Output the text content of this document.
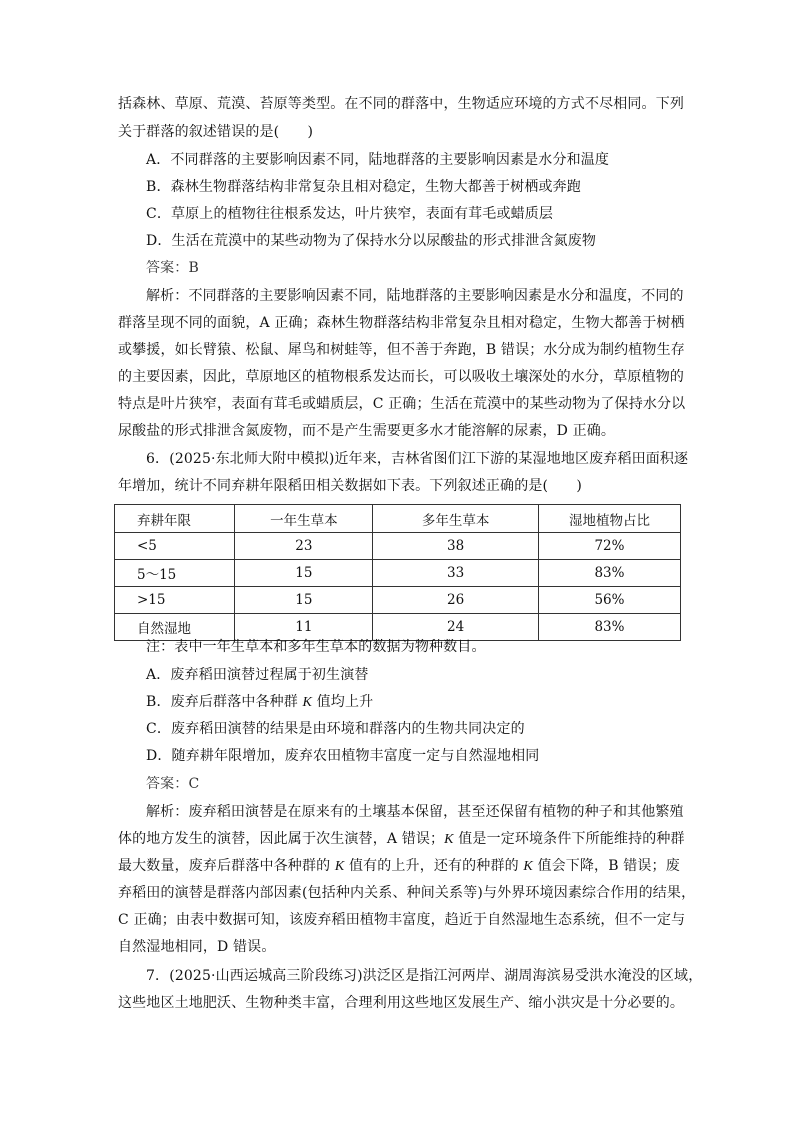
括森林、草原、荒漠、苔原等类型。在不同的群落中，生物适应环境的方式不尽相同。下列
关于群落的叙述错误的是(　　)
A．不同群落的主要影响因素不同，陆地群落的主要影响因素是水分和温度
B．森林生物群落结构非常复杂且相对稳定，生物大都善于树栖或奔跑
C．草原上的植物往往根系发达，叶片狭窄，表面有茸毛或蜡质层
D．生活在荒漠中的某些动物为了保持水分以尿酸盐的形式排泄含氮废物
答案：B
解析：不同群落的主要影响因素不同，陆地群落的主要影响因素是水分和温度，不同的
群落呈现不同的面貌，A 正确；森林生物群落结构非常复杂且相对稳定，生物大都善于树栖
或攀援，如长臂猿、松鼠、犀鸟和树蛙等，但不善于奔跑，B 错误；水分成为制约植物生存
的主要因素，因此，草原地区的植物根系发达而长，可以吸收土壤深处的水分，草原植物的
特点是叶片狭窄，表面有茸毛或蜡质层，C 正确；生活在荒漠中的某些动物为了保持水分以
尿酸盐的形式排泄含氮废物，而不是产生需要更多水才能溶解的尿素，D 正确。
6．(2025·东北师大附中模拟)近年来，吉林省图们江下游的某湿地地区废弃稻田面积逐
年增加，统计不同弃耕年限稻田相关数据如下表。下列叙述正确的是(　　)
弃耕年限	一年生草本	多年生草本	湿地植物占比
<5	23	38	72%
5～15	15	33	83%
>15	15	26	56%
自然湿地	11	24	83%
注：表中一年生草本和多年生草本的数据为物种数目。
A．废弃稻田演替过程属于初生演替
B．废弃后群落中各种群 K 值均上升
C．废弃稻田演替的结果是由环境和群落内的生物共同决定的
D．随弃耕年限增加，废弃农田植物丰富度一定与自然湿地相同
答案：C
解析：废弃稻田演替是在原来有的土壤基本保留，甚至还保留有植物的种子和其他繁殖
体的地方发生的演替，因此属于次生演替，A 错误；K 值是一定环境条件下所能维持的种群
最大数量，废弃后群落中各种群的 K 值有的上升，还有的种群的 K 值会下降，B 错误；废
弃稻田的演替是群落内部因素(包括种内关系、种间关系等)与外界环境因素综合作用的结果，
C 正确；由表中数据可知，该废弃稻田植物丰富度，趋近于自然湿地生态系统，但不一定与
自然湿地相同，D 错误。
7．(2025·山西运城高三阶段练习)洪泛区是指江河两岸、湖周海滨易受洪水淹没的区域，
这些地区土地肥沃、生物种类丰富，合理利用这些地区发展生产、缩小洪灾是十分必要的。
